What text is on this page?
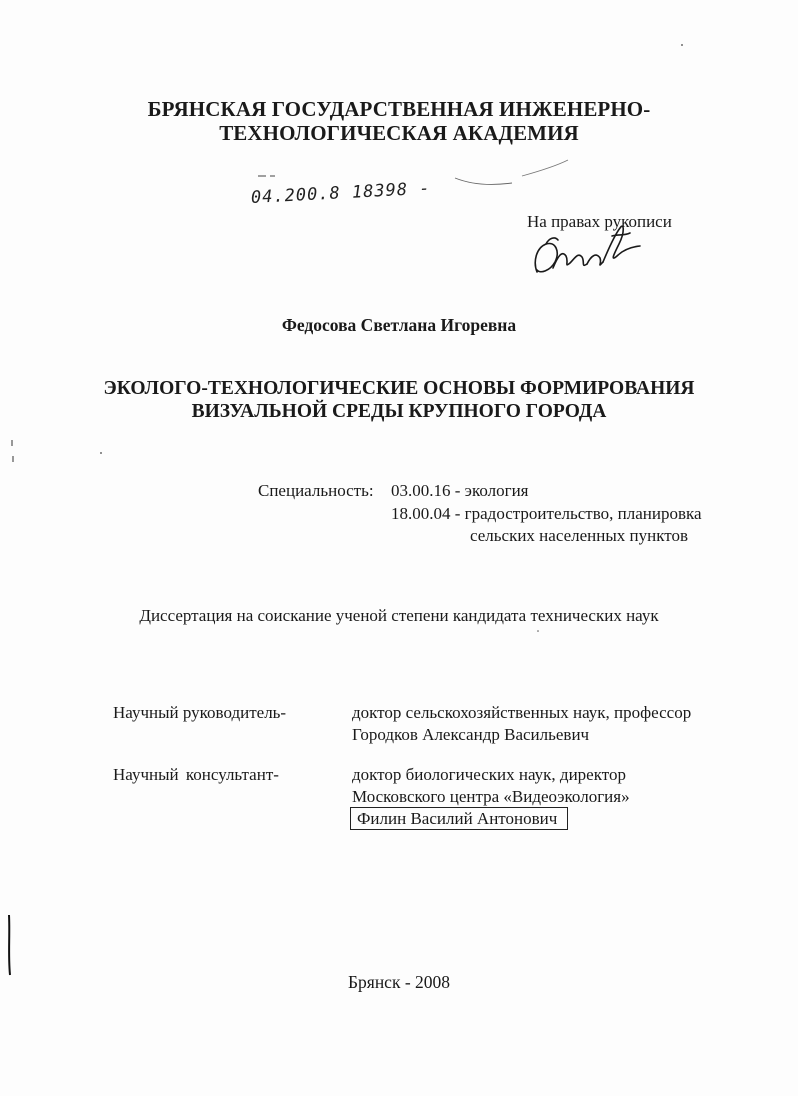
БРЯНСКАЯ ГОСУДАРСТВЕННАЯ ИНЖЕНЕРНО-
ТЕХНОЛОГИЧЕСКАЯ АКАДЕМИЯ
04.200.8 18398 -
На правах рукописи
Федосова Светлана Игоревна
ЭКОЛОГО-ТЕХНОЛОГИЧЕСКИЕ ОСНОВЫ ФОРМИРОВАНИЯ
ВИЗУАЛЬНОЙ СРЕДЫ КРУПНОГО ГОРОДА
Специальность: 03.00.16 - экология
18.00.04 - градостроительство, планировка
сельских населенных пунктов
Диссертация на соискание ученой степени кандидата технических наук
Научный руководитель-	доктор сельскохозяйственных наук, профессор
Городков Александр Васильевич
Научный консультант-	доктор биологических наук, директор
Московского центра «Видеоэкология»
Филин Василий Антонович
Брянск - 2008
